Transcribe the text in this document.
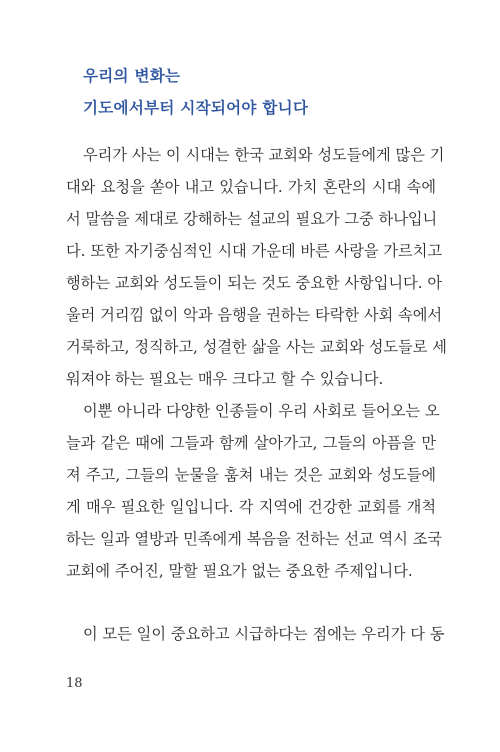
우리의 변화는
기도에서부터 시작되어야 합니다
우리가 사는 이 시대는 한국 교회와 성도들에게 많은 기
대와 요청을 쏟아 내고 있습니다. 가치 혼란의 시대 속에
서 말씀을 제대로 강해하는 설교의 필요가 그중 하나입니
다. 또한 자기중심적인 시대 가운데 바른 사랑을 가르치고
행하는 교회와 성도들이 되는 것도 중요한 사항입니다. 아
울러 거리낌 없이 악과 음행을 권하는 타락한 사회 속에서
거룩하고, 정직하고, 성결한 삶을 사는 교회와 성도들로 세
워져야 하는 필요는 매우 크다고 할 수 있습니다.
이뿐 아니라 다양한 인종들이 우리 사회로 들어오는 오
늘과 같은 때에 그들과 함께 살아가고, 그들의 아픔을 만
져 주고, 그들의 눈물을 훔쳐 내는 것은 교회와 성도들에
게 매우 필요한 일입니다. 각 지역에 건강한 교회를 개척
하는 일과 열방과 민족에게 복음을 전하는 선교 역시 조국
교회에 주어진, 말할 필요가 없는 중요한 주제입니다.
이 모든 일이 중요하고 시급하다는 점에는 우리가 다 동
18
